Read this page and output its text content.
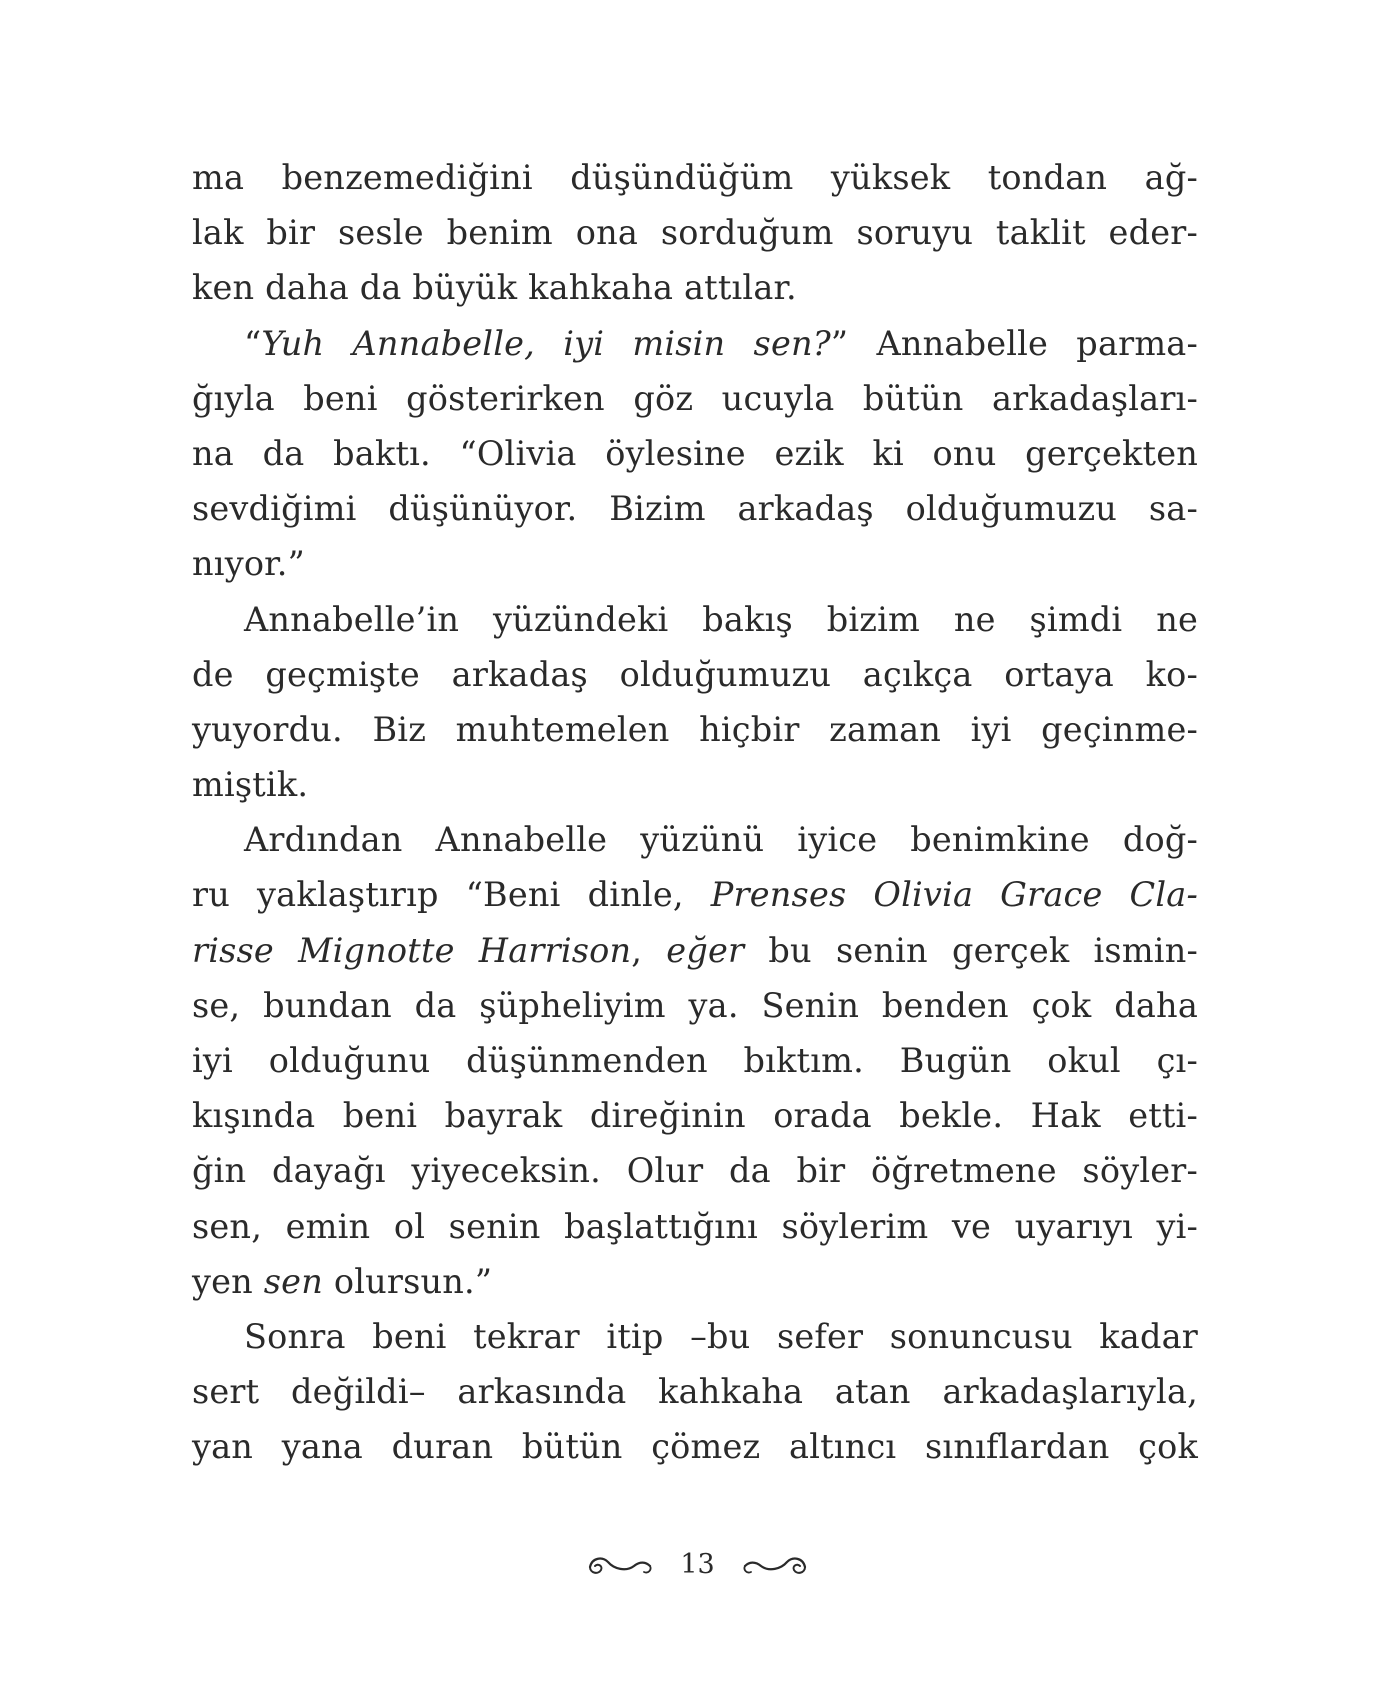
ma benzemediğini düşündüğüm yüksek tondan ağ-
lak bir sesle benim ona sorduğum soruyu taklit eder-
ken daha da büyük kahkaha attılar.
“Yuh Annabelle, iyi misin sen?” Annabelle parma-
ğıyla beni gösterirken göz ucuyla bütün arkadaşları-
na da baktı. “Olivia öylesine ezik ki onu gerçekten
sevdiğimi düşünüyor. Bizim arkadaş olduğumuzu sa-
nıyor.”
Annabelle’in yüzündeki bakış bizim ne şimdi ne
de geçmişte arkadaş olduğumuzu açıkça ortaya ko-
yuyordu. Biz muhtemelen hiçbir zaman iyi geçinme-
miştik.
Ardından Annabelle yüzünü iyice benimkine doğ-
ru yaklaştırıp “Beni dinle, Prenses Olivia Grace Cla-
risse Mignotte Harrison, eğer bu senin gerçek ismin-
se, bundan da şüpheliyim ya. Senin benden çok daha
iyi olduğunu düşünmenden bıktım. Bugün okul çı-
kışında beni bayrak direğinin orada bekle. Hak etti-
ğin dayağı yiyeceksin. Olur da bir öğretmene söyler-
sen, emin ol senin başlattığını söylerim ve uyarıyı yi-
yen sen olursun.”
Sonra beni tekrar itip –bu sefer sonuncusu kadar
sert değildi– arkasında kahkaha atan arkadaşlarıyla,
yan yana duran bütün çömez altıncı sınıflardan çok
13
